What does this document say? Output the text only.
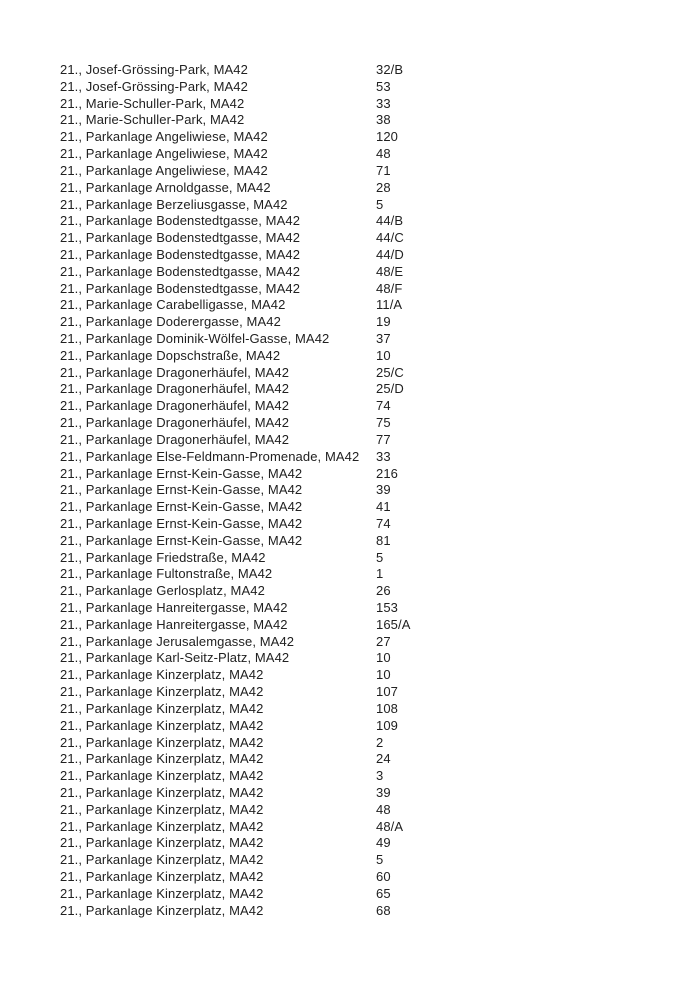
21., Josef-Grössing-Park, MA42	32/B
21., Josef-Grössing-Park, MA42	53
21., Marie-Schuller-Park, MA42	33
21., Marie-Schuller-Park, MA42	38
21., Parkanlage Angeliwiese, MA42	120
21., Parkanlage Angeliwiese, MA42	48
21., Parkanlage Angeliwiese, MA42	71
21., Parkanlage Arnoldgasse, MA42	28
21., Parkanlage Berzeliusgasse, MA42	5
21., Parkanlage Bodenstedtgasse, MA42	44/B
21., Parkanlage Bodenstedtgasse, MA42	44/C
21., Parkanlage Bodenstedtgasse, MA42	44/D
21., Parkanlage Bodenstedtgasse, MA42	48/E
21., Parkanlage Bodenstedtgasse, MA42	48/F
21., Parkanlage Carabelligasse, MA42	11/A
21., Parkanlage Doderergasse, MA42	19
21., Parkanlage Dominik-Wölfel-Gasse, MA42	37
21., Parkanlage Dopschstraße, MA42	10
21., Parkanlage Dragonerhäufel, MA42	25/C
21., Parkanlage Dragonerhäufel, MA42	25/D
21., Parkanlage Dragonerhäufel, MA42	74
21., Parkanlage Dragonerhäufel, MA42	75
21., Parkanlage Dragonerhäufel, MA42	77
21., Parkanlage Else-Feldmann-Promenade, MA42	33
21., Parkanlage Ernst-Kein-Gasse, MA42	216
21., Parkanlage Ernst-Kein-Gasse, MA42	39
21., Parkanlage Ernst-Kein-Gasse, MA42	41
21., Parkanlage Ernst-Kein-Gasse, MA42	74
21., Parkanlage Ernst-Kein-Gasse, MA42	81
21., Parkanlage Friedstraße, MA42	5
21., Parkanlage Fultonstraße, MA42	1
21., Parkanlage Gerlosplatz, MA42	26
21., Parkanlage Hanreitergasse, MA42	153
21., Parkanlage Hanreitergasse, MA42	165/A
21., Parkanlage Jerusalemgasse, MA42	27
21., Parkanlage Karl-Seitz-Platz, MA42	10
21., Parkanlage Kinzerplatz, MA42	10
21., Parkanlage Kinzerplatz, MA42	107
21., Parkanlage Kinzerplatz, MA42	108
21., Parkanlage Kinzerplatz, MA42	109
21., Parkanlage Kinzerplatz, MA42	2
21., Parkanlage Kinzerplatz, MA42	24
21., Parkanlage Kinzerplatz, MA42	3
21., Parkanlage Kinzerplatz, MA42	39
21., Parkanlage Kinzerplatz, MA42	48
21., Parkanlage Kinzerplatz, MA42	48/A
21., Parkanlage Kinzerplatz, MA42	49
21., Parkanlage Kinzerplatz, MA42	5
21., Parkanlage Kinzerplatz, MA42	60
21., Parkanlage Kinzerplatz, MA42	65
21., Parkanlage Kinzerplatz, MA42	68
